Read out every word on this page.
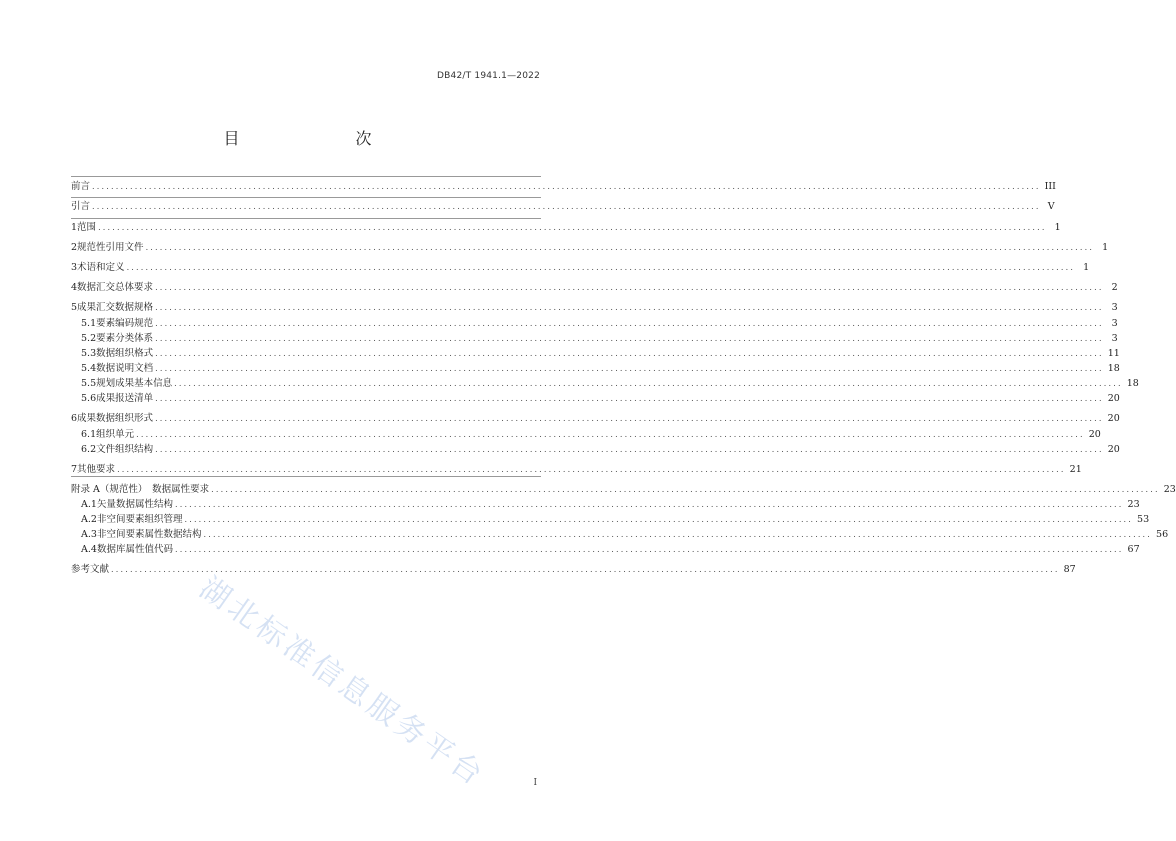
DB42/T 1941.1—2022
目　　次
前言 ........................................................................................................................................................................................................ III
引言 ........................................................................................................................................................................................................ V
1 范围 ........................................................................................................................................................................................................ 1
2 规范性引用文件 ........................................................................................................................................................................................................ 1
3 术语和定义 ........................................................................................................................................................................................................ 1
4 数据汇交总体要求 ........................................................................................................................................................................................................ 2
5 成果汇交数据规格 ........................................................................................................................................................................................................ 3
5.1 要素编码规范 ........................................................................................................................................................................................................ 3
5.2 要素分类体系 ........................................................................................................................................................................................................ 3
5.3 数据组织格式 ........................................................................................................................................................................................................ 11
5.4 数据说明文档 ........................................................................................................................................................................................................ 18
5.5 规划成果基本信息 ........................................................................................................................................................................................................ 18
5.6 成果报送清单 ........................................................................................................................................................................................................ 20
6 成果数据组织形式 ........................................................................................................................................................................................................ 20
6.1 组织单元 ........................................................................................................................................................................................................ 20
6.2 文件组织结构 ........................................................................................................................................................................................................ 20
7 其他要求 ........................................................................................................................................................................................................ 21
附录 A（规范性）　数据属性要求 ........................................................................................................................................................................................................ 23
A.1 矢量数据属性结构 ........................................................................................................................................................................................................ 23
A.2 非空间要素组织管理 ........................................................................................................................................................................................................ 53
A.3 非空间要素属性数据结构 ........................................................................................................................................................................................................ 56
A.4 数据库属性值代码 ........................................................................................................................................................................................................ 67
参考文献 ........................................................................................................................................................................................................ 87
湖北标准信息服务平台	I
